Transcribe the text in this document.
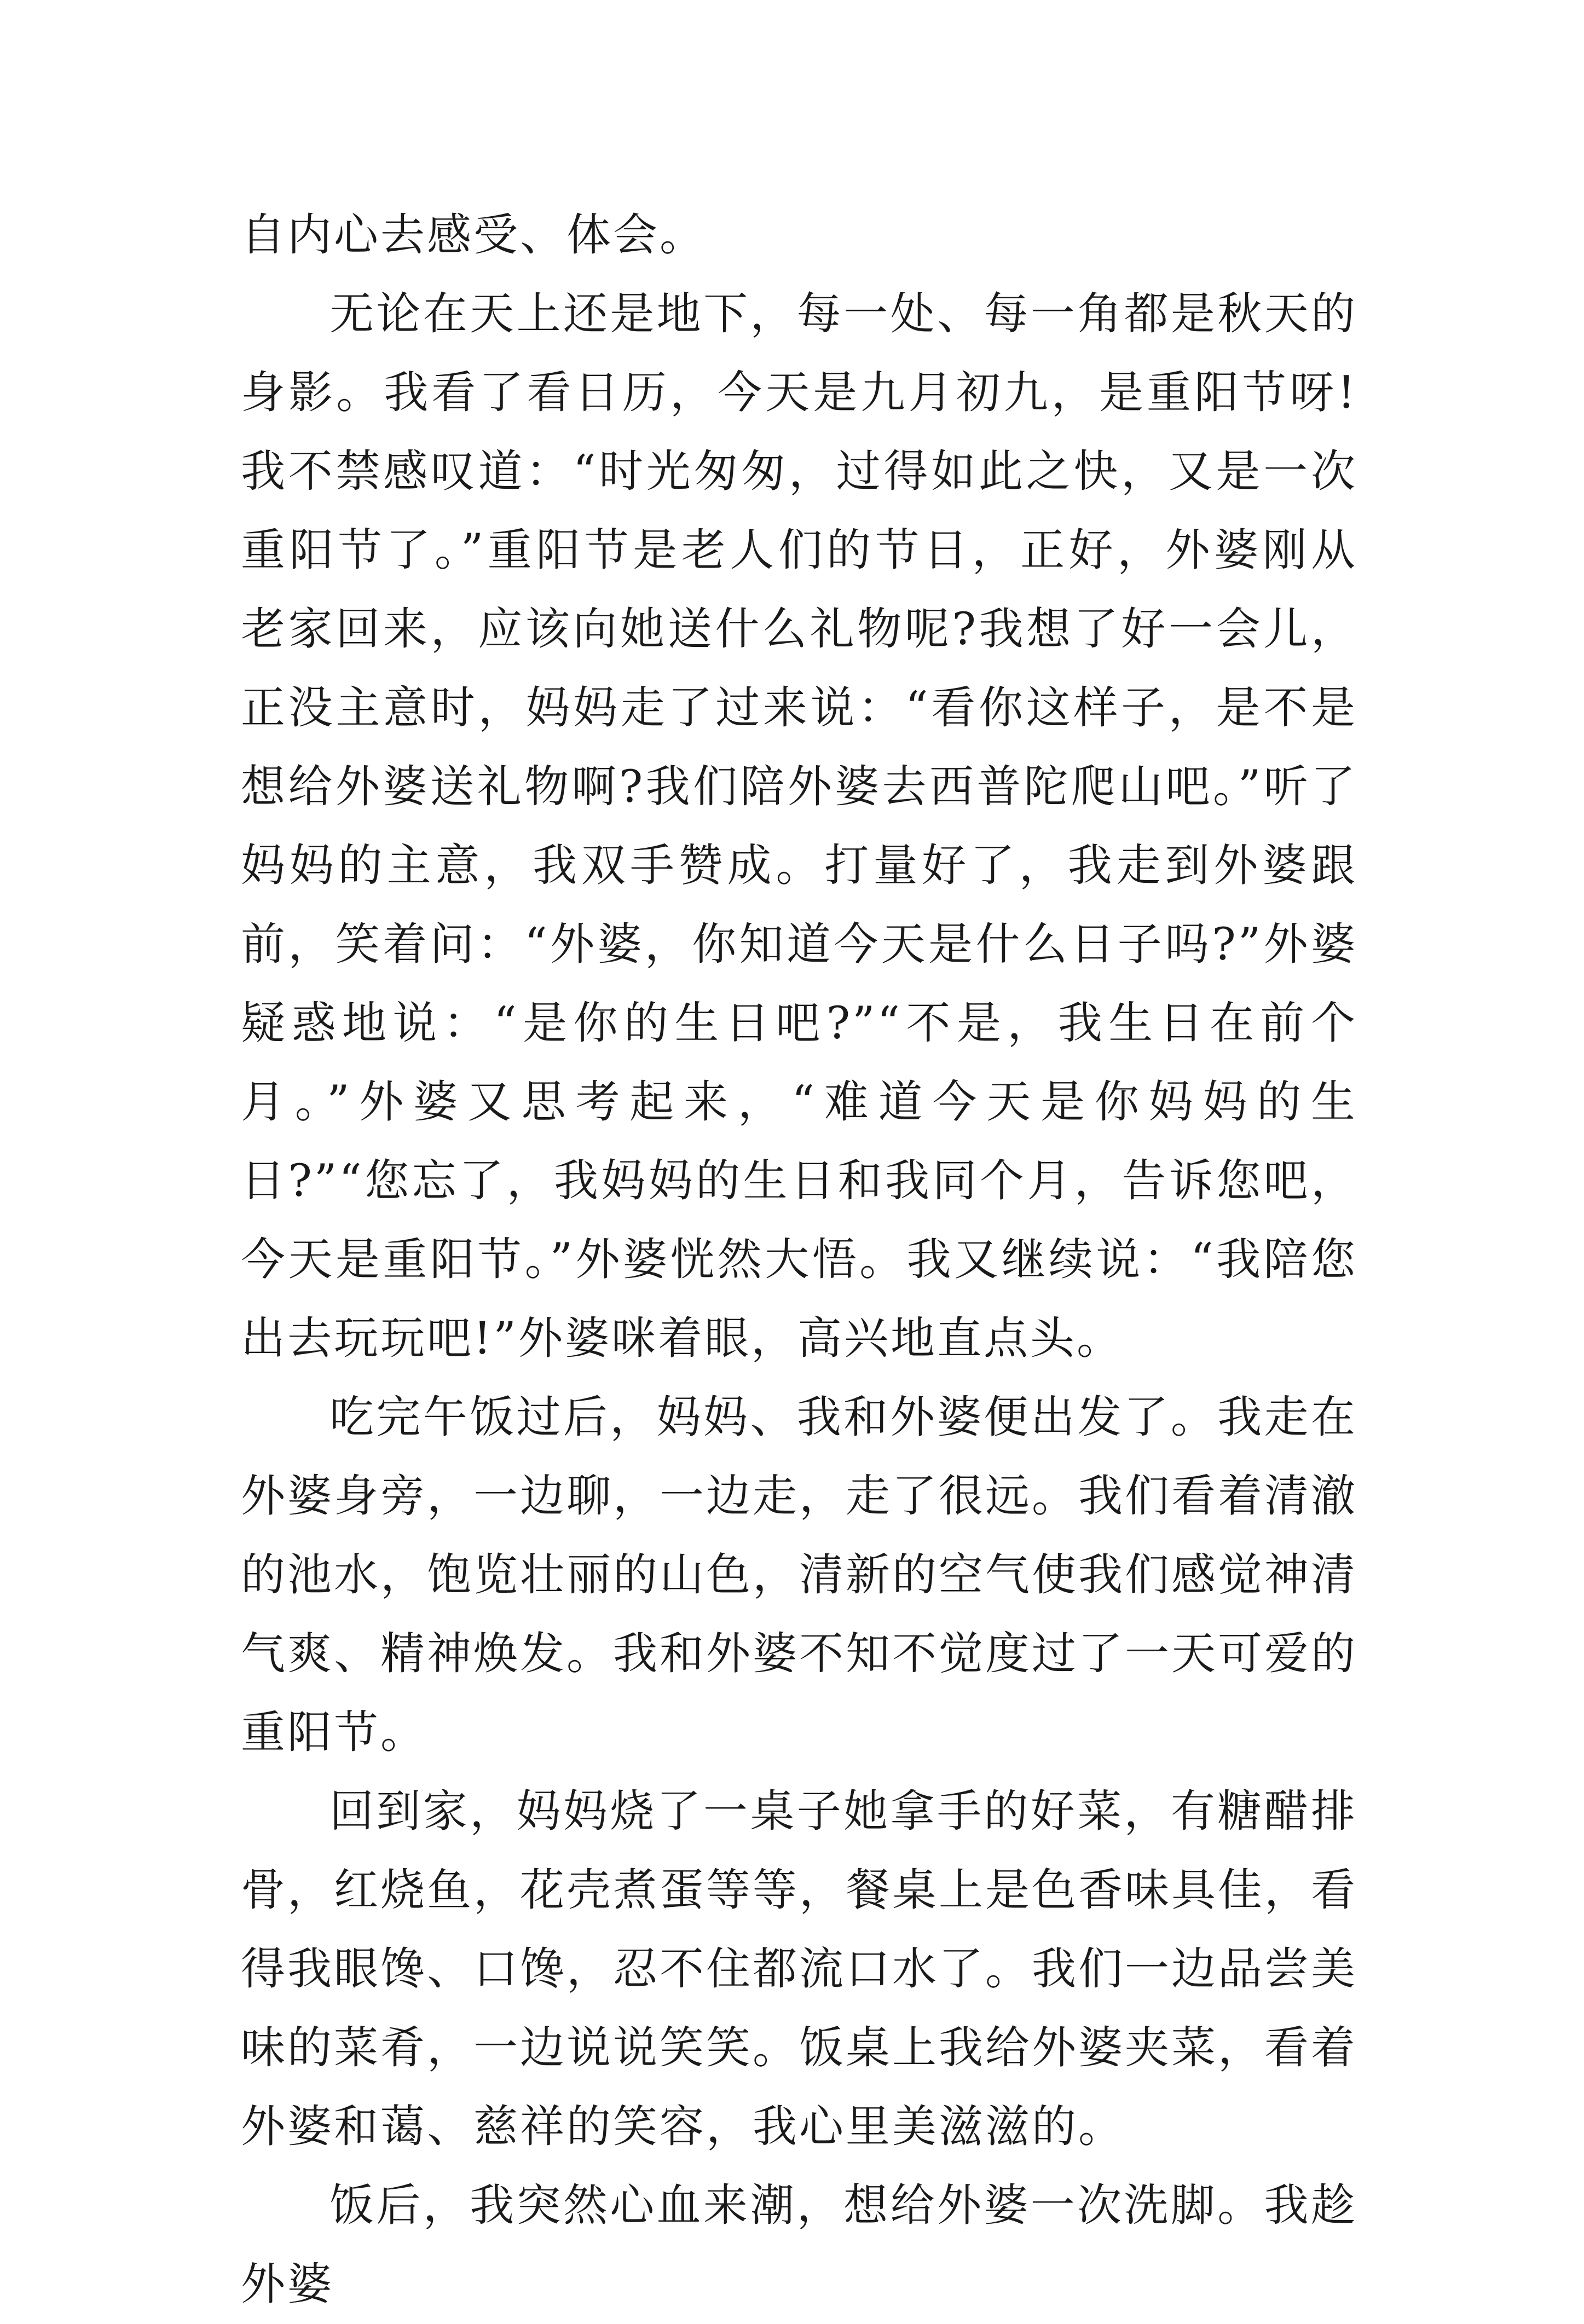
自内心去感受、体会。

无论在天上还是地下，每一处、每一角都是秋天的身影。我看了看日历，今天是九月初九，是重阳节呀!我不禁感叹道：“时光匆匆，过得如此之快，又是一次重阳节了。”重阳节是老人们的节日，正好，外婆刚从老家回来，应该向她送什么礼物呢?我想了好一会儿，正没主意时，妈妈走了过来说：“看你这样子，是不是想给外婆送礼物啊?我们陪外婆去西普陀爬山吧。”听了妈妈的主意，我双手赞成。打量好了，我走到外婆跟前，笑着问：“外婆，你知道今天是什么日子吗?”外婆疑惑地说：“是你的生日吧?”“不是，我生日在前个月。”外婆又思考起来，“难道今天是你妈妈的生日?”“您忘了，我妈妈的生日和我同个月，告诉您吧，今天是重阳节。”外婆恍然大悟。我又继续说：“我陪您出去玩玩吧!”外婆咪着眼，高兴地直点头。

吃完午饭过后，妈妈、我和外婆便出发了。我走在外婆身旁，一边聊，一边走，走了很远。我们看着清澈的池水，饱览壮丽的山色，清新的空气使我们感觉神清气爽、精神焕发。我和外婆不知不觉度过了一天可爱的重阳节。

回到家，妈妈烧了一桌子她拿手的好菜，有糖醋排骨，红烧鱼，花壳煮蛋等等，餐桌上是色香味具佳，看得我眼馋、口馋，忍不住都流口水了。我们一边品尝美味的菜肴，一边说说笑笑。饭桌上我给外婆夹菜，看着外婆和蔼、慈祥的笑容，我心里美滋滋的。

饭后，我突然心血来潮，想给外婆一次洗脚。我趁外婆
